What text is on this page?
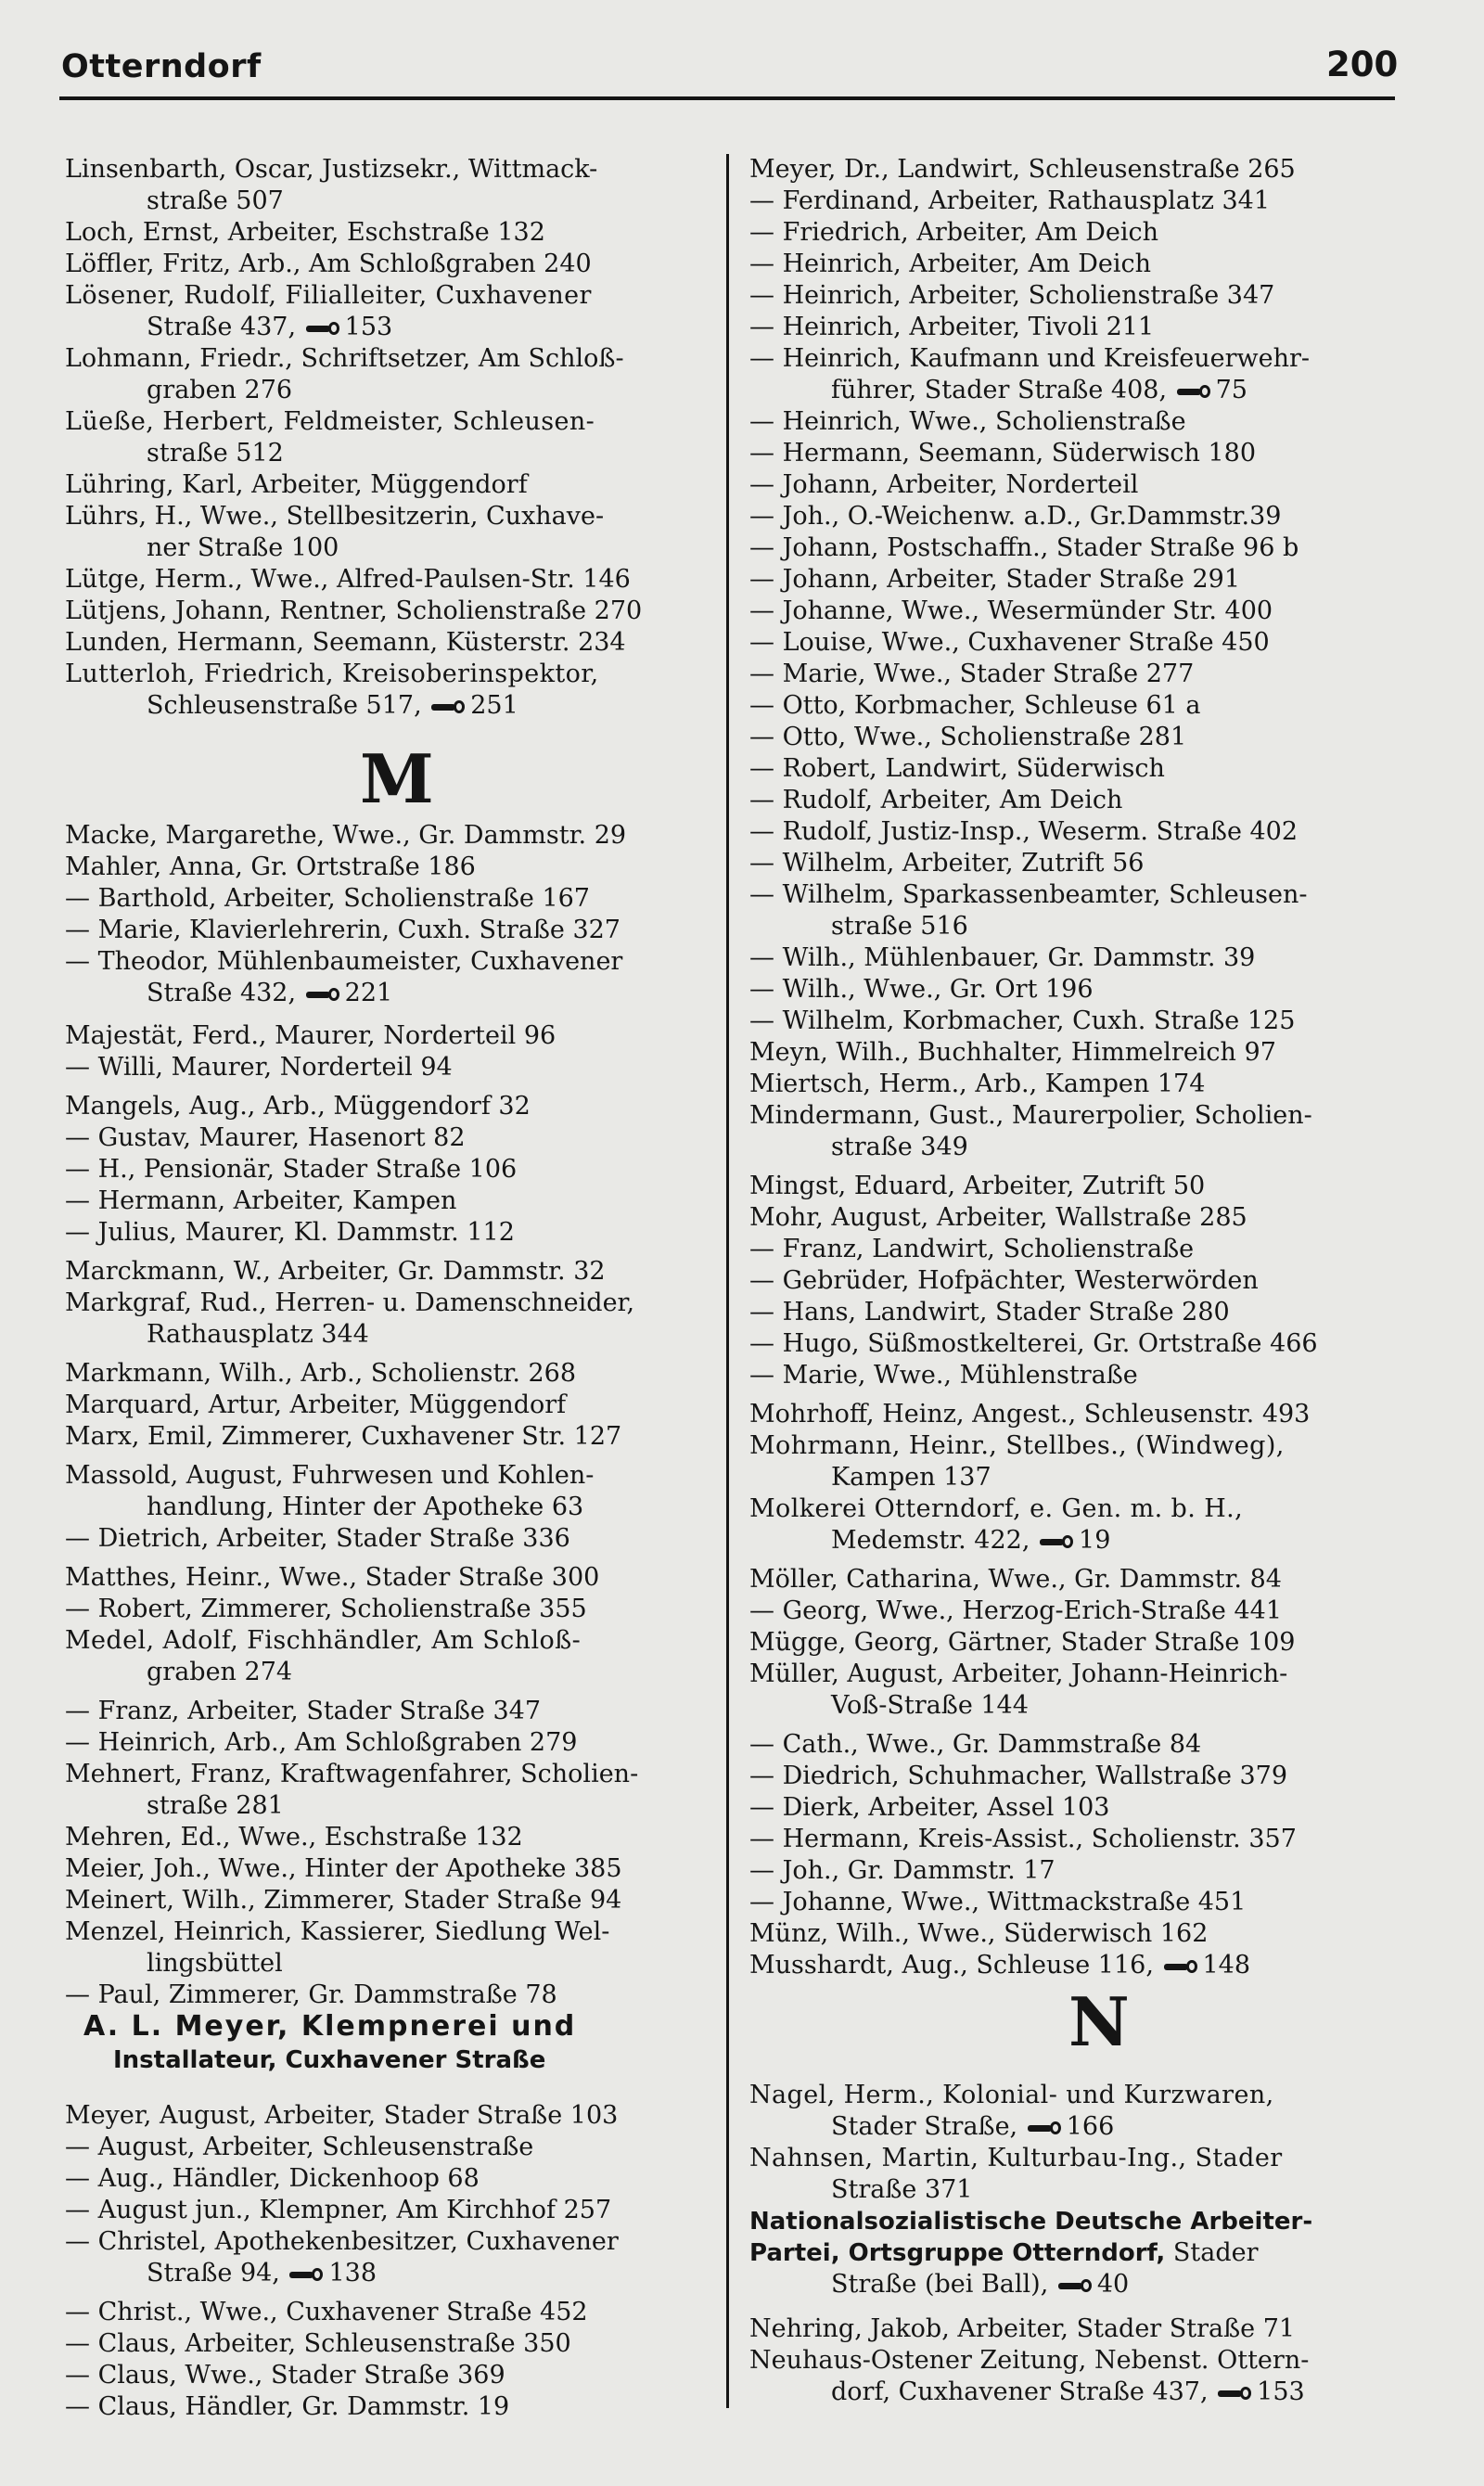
Otterndorf	200
M
A. L. Meyer, Klempnerei und
Installateur, Cuxhavener Straße
Linsenbarth, Oscar, Justizsekr., Wittmack-
straße 507
Loch, Ernst, Arbeiter, Eschstraße 132
Löffler, Fritz, Arb., Am Schloßgraben 240
Lösener, Rudolf, Filialleiter, Cuxhavener
Straße 437, 153
Lohmann, Friedr., Schriftsetzer, Am Schloß-
graben 276
Lüeße, Herbert, Feldmeister, Schleusen-
straße 512
Lühring, Karl, Arbeiter, Müggendorf
Lührs, H., Wwe., Stellbesitzerin, Cuxhave-
ner Straße 100
Lütge, Herm., Wwe., Alfred-Paulsen-Str. 146
Lütjens, Johann, Rentner, Scholienstraße 270
Lunden, Hermann, Seemann, Küsterstr. 234
Lutterloh, Friedrich, Kreisoberinspektor,
Schleusenstraße 517, 251
Macke, Margarethe, Wwe., Gr. Dammstr. 29
Mahler, Anna, Gr. Ortstraße 186
— Barthold, Arbeiter, Scholienstraße 167
— Marie, Klavierlehrerin, Cuxh. Straße 327
— Theodor, Mühlenbaumeister, Cuxhavener
Straße 432, 221
Majestät, Ferd., Maurer, Norderteil 96
— Willi, Maurer, Norderteil 94
Mangels, Aug., Arb., Müggendorf 32
— Gustav, Maurer, Hasenort 82
— H., Pensionär, Stader Straße 106
— Hermann, Arbeiter, Kampen
— Julius, Maurer, Kl. Dammstr. 112
Marckmann, W., Arbeiter, Gr. Dammstr. 32
Markgraf, Rud., Herren- u. Damenschneider,
Rathausplatz 344
Markmann, Wilh., Arb., Scholienstr. 268
Marquard, Artur, Arbeiter, Müggendorf
Marx, Emil, Zimmerer, Cuxhavener Str. 127
Massold, August, Fuhrwesen und Kohlen-
handlung, Hinter der Apotheke 63
— Dietrich, Arbeiter, Stader Straße 336
Matthes, Heinr., Wwe., Stader Straße 300
— Robert, Zimmerer, Scholienstraße 355
Medel, Adolf, Fischhändler, Am Schloß-
graben 274
— Franz, Arbeiter, Stader Straße 347
— Heinrich, Arb., Am Schloßgraben 279
Mehnert, Franz, Kraftwagenfahrer, Scholien-
straße 281
Mehren, Ed., Wwe., Eschstraße 132
Meier, Joh., Wwe., Hinter der Apotheke 385
Meinert, Wilh., Zimmerer, Stader Straße 94
Menzel, Heinrich, Kassierer, Siedlung Wel-
lingsbüttel
— Paul, Zimmerer, Gr. Dammstraße 78
Meyer, August, Arbeiter, Stader Straße 103
— August, Arbeiter, Schleusenstraße
— Aug., Händler, Dickenhoop 68
— August jun., Klempner, Am Kirchhof 257
— Christel, Apothekenbesitzer, Cuxhavener
Straße 94, 138
— Christ., Wwe., Cuxhavener Straße 452
— Claus, Arbeiter, Schleusenstraße 350
— Claus, Wwe., Stader Straße 369
— Claus, Händler, Gr. Dammstr. 19
N
Nationalsozialistische Deutsche Arbeiter-
Partei, Ortsgruppe Otterndorf, Stader
Straße (bei Ball), 40
Meyer, Dr., Landwirt, Schleusenstraße 265
— Ferdinand, Arbeiter, Rathausplatz 341
— Friedrich, Arbeiter, Am Deich
— Heinrich, Arbeiter, Am Deich
— Heinrich, Arbeiter, Scholienstraße 347
— Heinrich, Arbeiter, Tivoli 211
— Heinrich, Kaufmann und Kreisfeuerwehr-
führer, Stader Straße 408, 75
— Heinrich, Wwe., Scholienstraße
— Hermann, Seemann, Süderwisch 180
— Johann, Arbeiter, Norderteil
— Joh., O.-Weichenw. a.D., Gr.Dammstr.39
— Johann, Postschaffn., Stader Straße 96 b
— Johann, Arbeiter, Stader Straße 291
— Johanne, Wwe., Wesermünder Str. 400
— Louise, Wwe., Cuxhavener Straße 450
— Marie, Wwe., Stader Straße 277
— Otto, Korbmacher, Schleuse 61 a
— Otto, Wwe., Scholienstraße 281
— Robert, Landwirt, Süderwisch
— Rudolf, Arbeiter, Am Deich
— Rudolf, Justiz-Insp., Weserm. Straße 402
— Wilhelm, Arbeiter, Zutrift 56
— Wilhelm, Sparkassenbeamter, Schleusen-
straße 516
— Wilh., Mühlenbauer, Gr. Dammstr. 39
— Wilh., Wwe., Gr. Ort 196
— Wilhelm, Korbmacher, Cuxh. Straße 125
Meyn, Wilh., Buchhalter, Himmelreich 97
Miertsch, Herm., Arb., Kampen 174
Mindermann, Gust., Maurerpolier, Scholien-
straße 349
Mingst, Eduard, Arbeiter, Zutrift 50
Mohr, August, Arbeiter, Wallstraße 285
— Franz, Landwirt, Scholienstraße
— Gebrüder, Hofpächter, Westerwörden
— Hans, Landwirt, Stader Straße 280
— Hugo, Süßmostkelterei, Gr. Ortstraße 466
— Marie, Wwe., Mühlenstraße
Mohrhoff, Heinz, Angest., Schleusenstr. 493
Mohrmann, Heinr., Stellbes., (Windweg),
Kampen 137
Molkerei Otterndorf, e. Gen. m. b. H.,
Medemstr. 422, 19
Möller, Catharina, Wwe., Gr. Dammstr. 84
— Georg, Wwe., Herzog-Erich-Straße 441
Mügge, Georg, Gärtner, Stader Straße 109
Müller, August, Arbeiter, Johann-Heinrich-
Voß-Straße 144
— Cath., Wwe., Gr. Dammstraße 84
— Diedrich, Schuhmacher, Wallstraße 379
— Dierk, Arbeiter, Assel 103
— Hermann, Kreis-Assist., Scholienstr. 357
— Joh., Gr. Dammstr. 17
— Johanne, Wwe., Wittmackstraße 451
Münz, Wilh., Wwe., Süderwisch 162
Musshardt, Aug., Schleuse 116, 148
Nagel, Herm., Kolonial- und Kurzwaren,
Stader Straße, 166
Nahnsen, Martin, Kulturbau-Ing., Stader
Straße 371
Nehring, Jakob, Arbeiter, Stader Straße 71
Neuhaus-Ostener Zeitung, Nebenst. Ottern-
dorf, Cuxhavener Straße 437, 153
